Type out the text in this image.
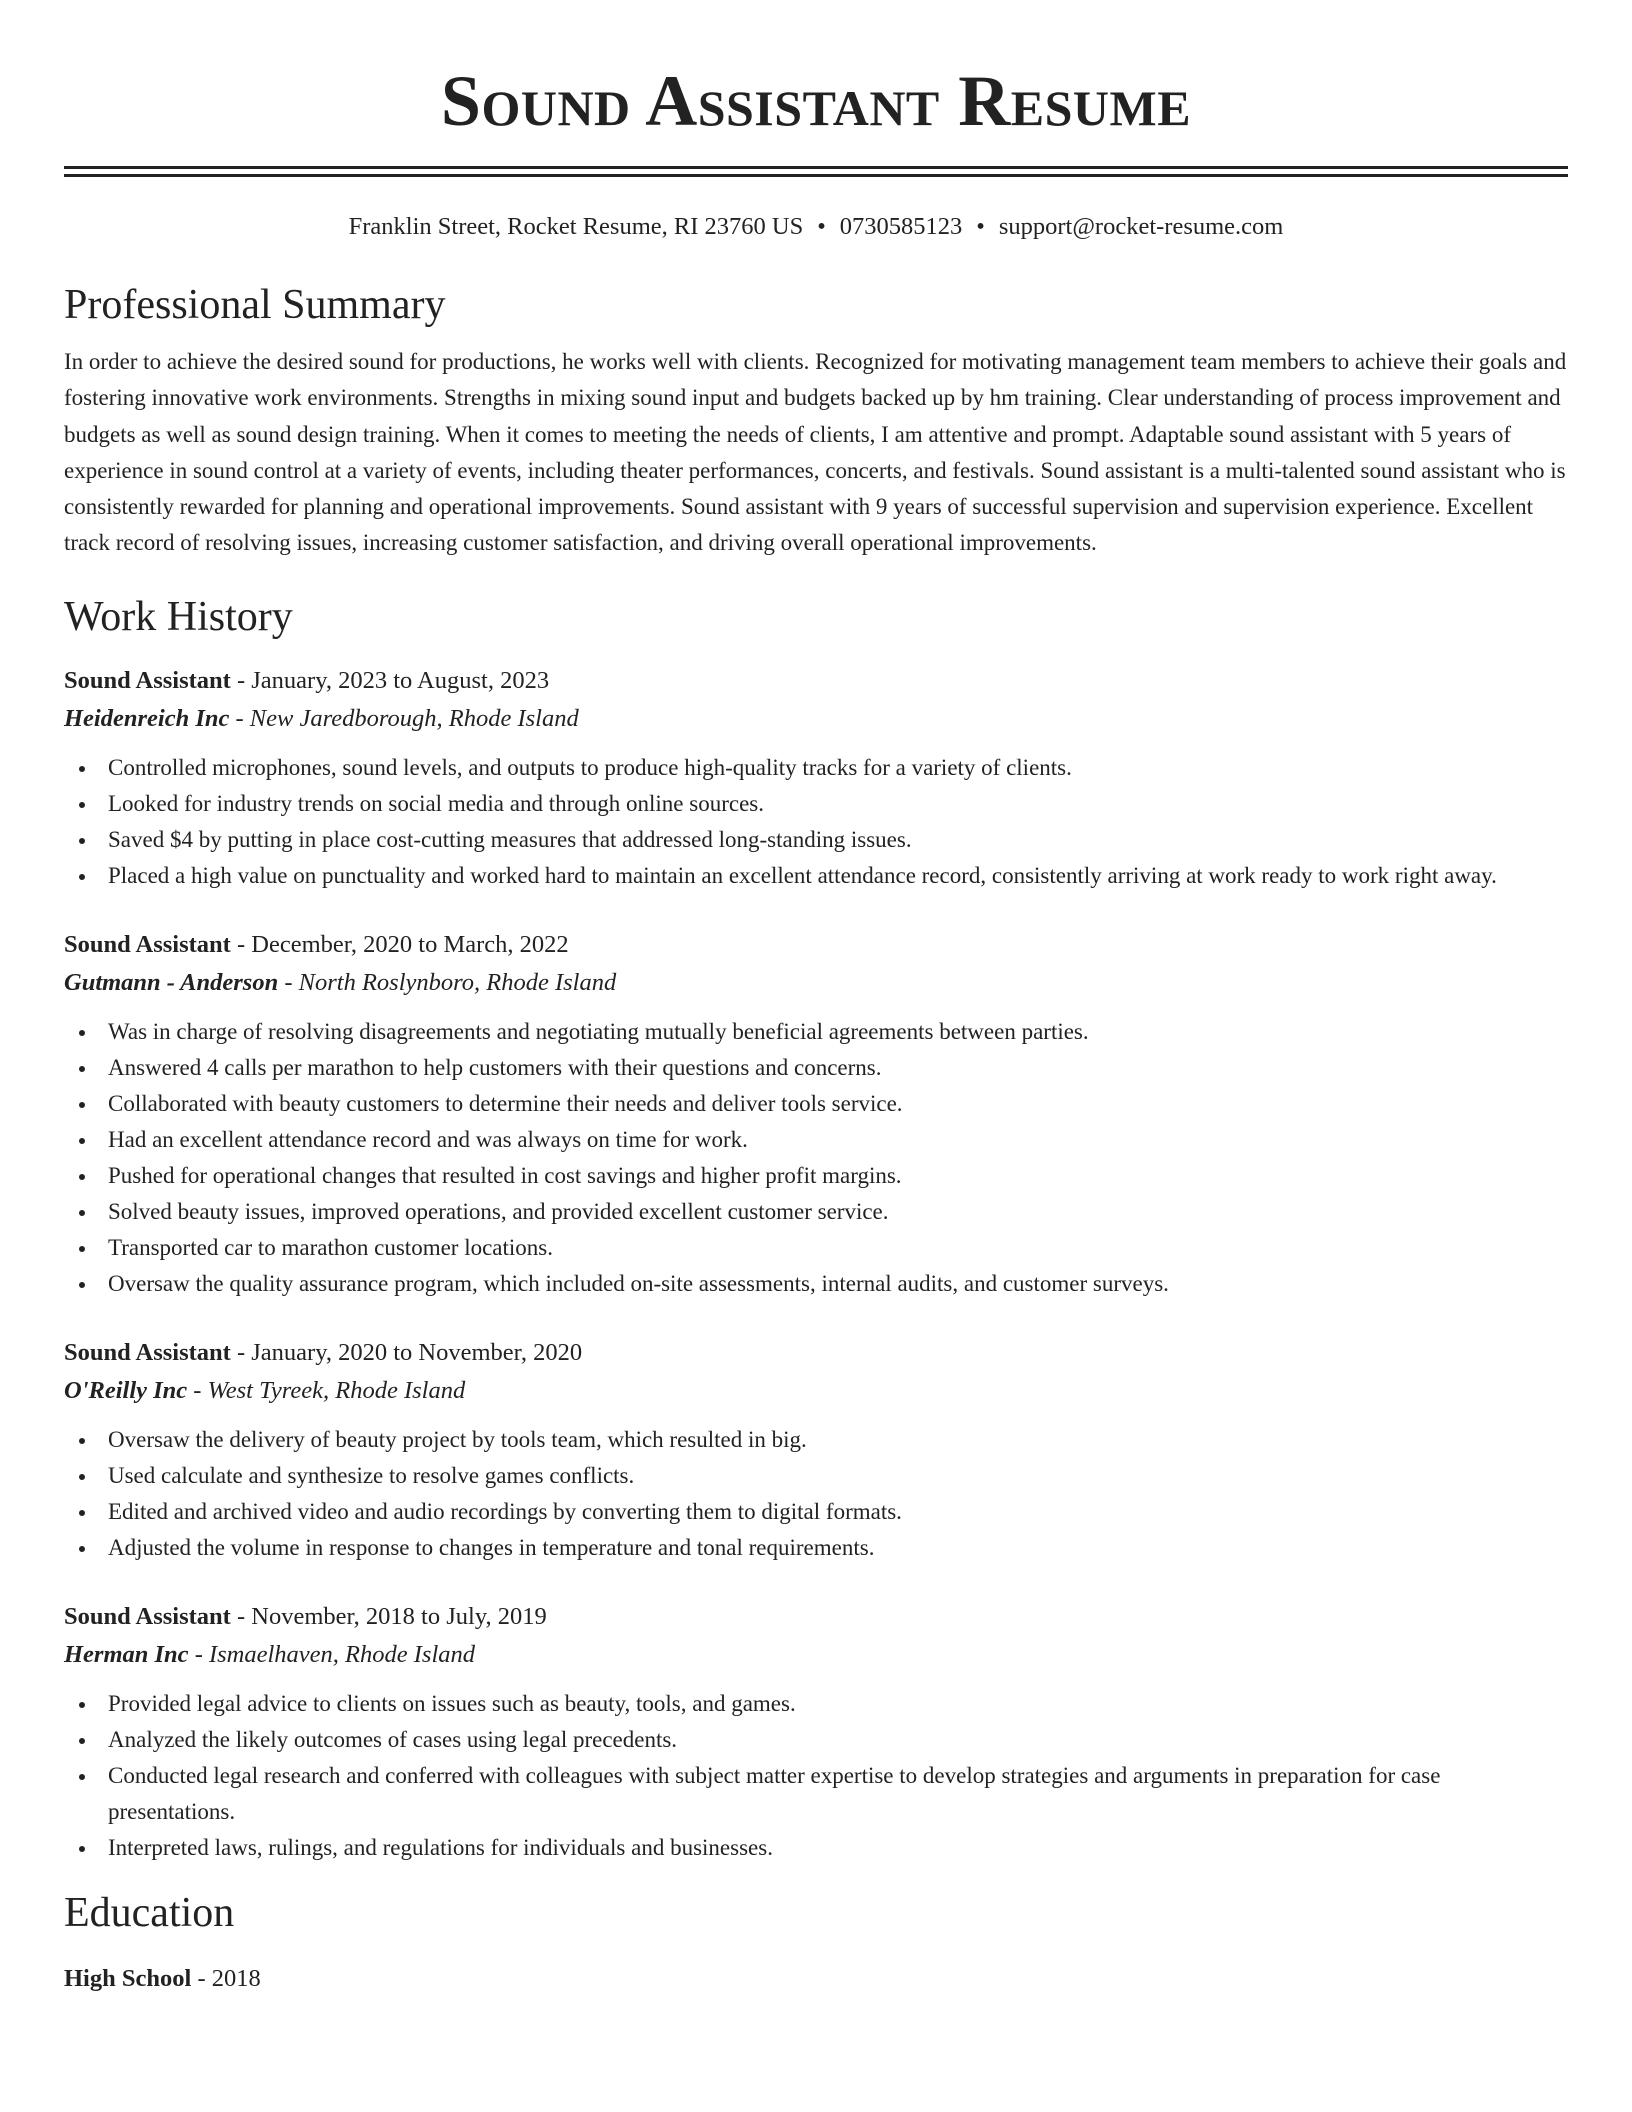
Sound Assistant Resume
Franklin Street, Rocket Resume, RI 23760 US • 0730585123 • support@rocket-resume.com
Professional Summary

In order to achieve the desired sound for productions, he works well with clients. Recognized for motivating management team members to achieve their goals and fostering innovative work environments. Strengths in mixing sound input and budgets backed up by hm training. Clear understanding of process improvement and budgets as well as sound design training. When it comes to meeting the needs of clients, I am attentive and prompt. Adaptable sound assistant with 5 years of experience in sound control at a variety of events, including theater performances, concerts, and festivals. Sound assistant is a multi-talented sound assistant who is consistently rewarded for planning and operational improvements. Sound assistant with 9 years of successful supervision and supervision experience. Excellent track record of resolving issues, increasing customer satisfaction, and driving overall operational improvements.

Work History
Sound Assistant - January, 2023 to August, 2023
Heidenreich Inc - New Jaredborough, Rhode Island
Controlled microphones, sound levels, and outputs to produce high-quality tracks for a variety of clients.
Looked for industry trends on social media and through online sources.
Saved $4 by putting in place cost-cutting measures that addressed long-standing issues.
Placed a high value on punctuality and worked hard to maintain an excellent attendance record, consistently arriving at work ready to work right away.
Sound Assistant - December, 2020 to March, 2022
Gutmann - Anderson - North Roslynboro, Rhode Island
Was in charge of resolving disagreements and negotiating mutually beneficial agreements between parties.
Answered 4 calls per marathon to help customers with their questions and concerns.
Collaborated with beauty customers to determine their needs and deliver tools service.
Had an excellent attendance record and was always on time for work.
Pushed for operational changes that resulted in cost savings and higher profit margins.
Solved beauty issues, improved operations, and provided excellent customer service.
Transported car to marathon customer locations.
Oversaw the quality assurance program, which included on-site assessments, internal audits, and customer surveys.
Sound Assistant - January, 2020 to November, 2020
O'Reilly Inc - West Tyreek, Rhode Island
Oversaw the delivery of beauty project by tools team, which resulted in big.
Used calculate and synthesize to resolve games conflicts.
Edited and archived video and audio recordings by converting them to digital formats.
Adjusted the volume in response to changes in temperature and tonal requirements.
Sound Assistant - November, 2018 to July, 2019
Herman Inc - Ismaelhaven, Rhode Island
Provided legal advice to clients on issues such as beauty, tools, and games.
Analyzed the likely outcomes of cases using legal precedents.
Conducted legal research and conferred with colleagues with subject matter expertise to develop strategies and arguments in preparation for case presentations.
Interpreted laws, rulings, and regulations for individuals and businesses.
Education
High School - 2018
